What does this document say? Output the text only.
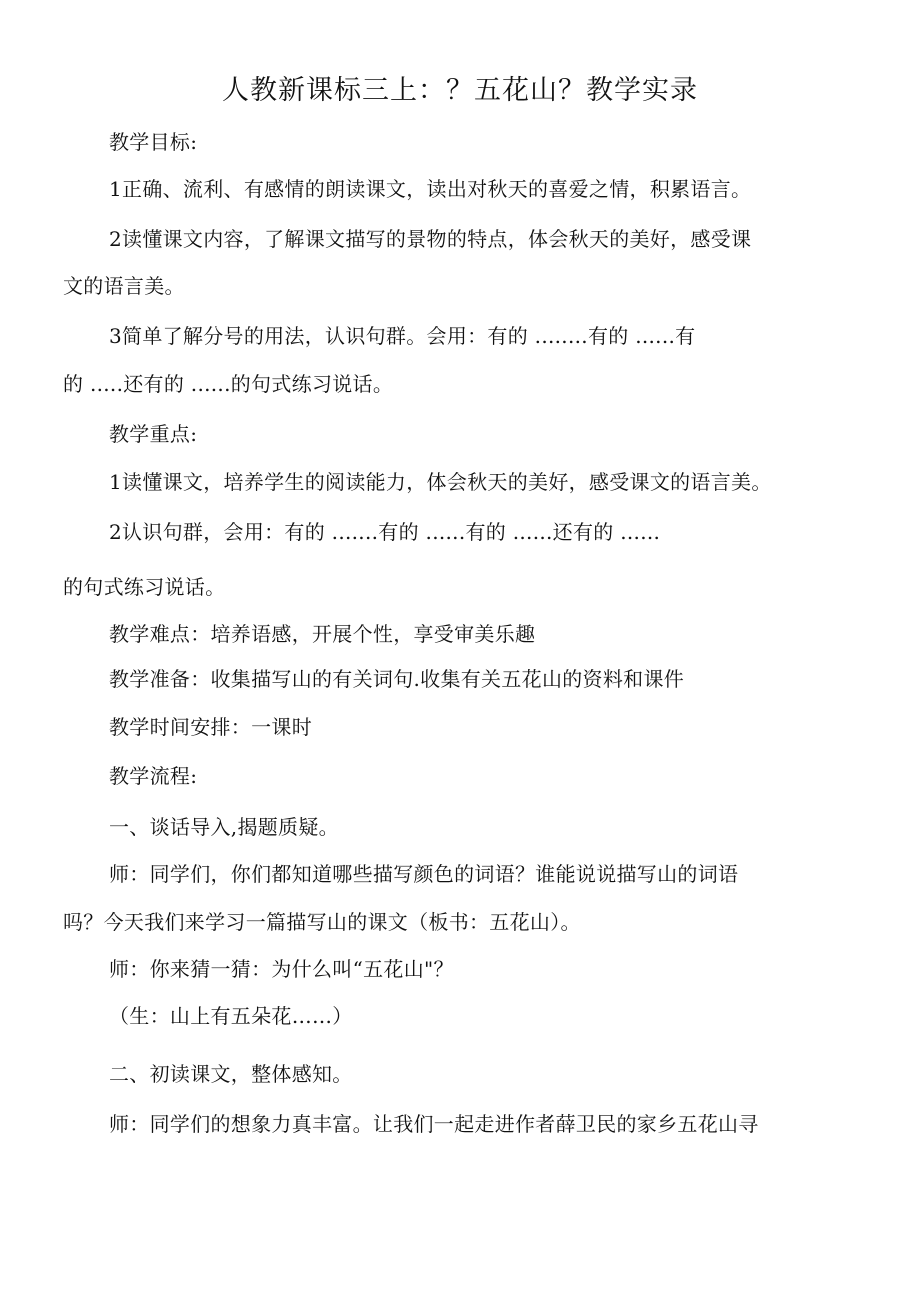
人教新课标三上：？五花山？教学实录
教学目标:
1正确、流利、有感情的朗读课文，读出对秋天的喜爱之情，积累语言。
2读懂课文内容，了解课文描写的景物的特点，体会秋天的美好，感受课
文的语言美。
3简单了解分号的用法，认识句群。会用：有的 ........有的 ......有
的 .....还有的 ......的句式练习说话。
教学重点:
1读懂课文，培养学生的阅读能力，体会秋天的美好，感受课文的语言美。
2认识句群，会用：有的 .......有的 ......有的 ......还有的 ......
的句式练习说话。
教学难点：培养语感，开展个性，享受审美乐趣
教学准备：收集描写山的有关词句.收集有关五花山的资料和课件
教学时间安排：一课时
教学流程:
一、谈话导入,揭题质疑。
师：同学们，你们都知道哪些描写颜色的词语？谁能说说描写山的词语
吗？今天我们来学习一篇描写山的课文（板书：五花山）。
师：你来猜一猜：为什么叫“五花山"？
（生：山上有五朵花……）
二、初读课文，整体感知。
师：同学们的想象力真丰富。让我们一起走进作者薛卫民的家乡五花山寻
